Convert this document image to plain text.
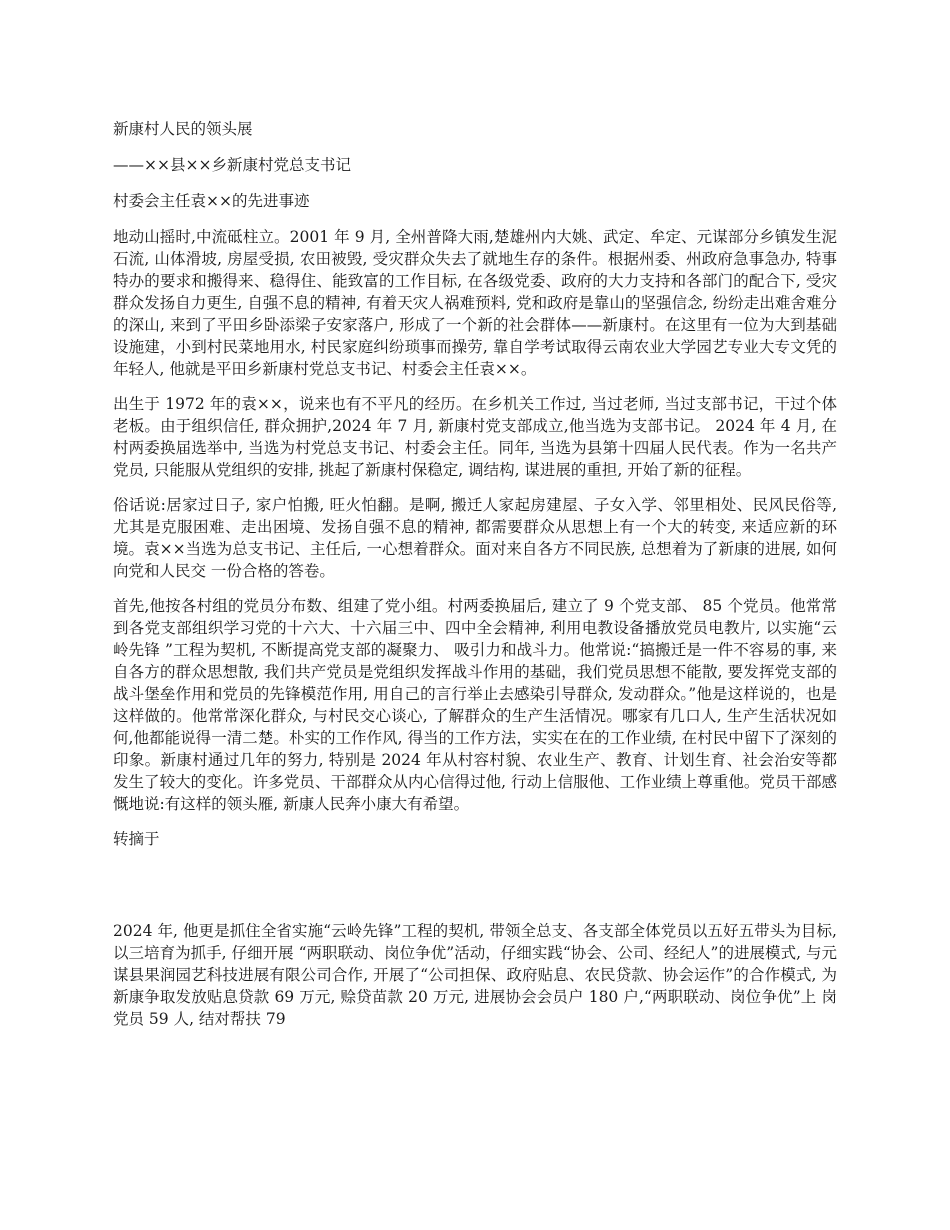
新康村人民的领头展

——××县××乡新康村党总支书记

村委会主任袁××的先进事迹

地动山摇时,中流砥柱立。2001 年 9 月, 全州普降大雨,楚雄州内大姚、武定、牟定、元谋部分乡镇发生泥石流, 山体滑坡, 房屋受损, 农田被毁, 受灾群众失去了就地生存的条件。根据州委、州政府急事急办, 特事特办的要求和搬得来、稳得住、能致富的工作目标, 在各级党委、政府的大力支持和各部门的配合下, 受灾群众发扬自力更生, 自强不息的精神, 有着天灾人祸难预料, 党和政府是靠山的坚强信念, 纷纷走出难舍难分的深山, 来到了平田乡卧添梁子安家落户, 形成了一个新的社会群体——新康村。在这里有一位为大到基础设施建，小到村民菜地用水, 村民家庭纠纷琐事而操劳, 靠自学考试取得云南农业大学园艺专业大专文凭的年轻人, 他就是平田乡新康村党总支书记、村委会主任袁××。

出生于 1972 年的袁××，说来也有不平凡的经历。在乡机关工作过, 当过老师, 当过支部书记，干过个体老板。由于组织信任, 群众拥护,2024 年 7 月, 新康村党支部成立,他当选为支部书记。 2024 年 4 月, 在村两委换届选举中, 当选为村党总支书记、村委会主任。同年, 当选为县第十四届人民代表。作为一名共产党员, 只能服从党组织的安排, 挑起了新康村保稳定, 调结构, 谋进展的重担, 开始了新的征程。

俗话说:居家过日子, 家户怕搬, 旺火怕翻。是啊, 搬迁人家起房建屋、子女入学、邻里相处、民风民俗等, 尤其是克服困难、走出困境、发扬自强不息的精神, 都需要群众从思想上有一个大的转变, 来适应新的环境。袁××当选为总支书记、主任后, 一心想着群众。面对来自各方不同民族, 总想着为了新康的进展, 如何向党和人民交 一份合格的答卷。

首先,他按各村组的党员分布数、组建了党小组。村两委换届后, 建立了 9 个党支部、 85 个党员。他常常到各党支部组织学习党的十六大、十六届三中、四中全会精神, 利用电教设备播放党员电教片, 以实施“云岭先锋 ”工程为契机, 不断提高党支部的凝聚力、 吸引力和战斗力。他常说:“搞搬迁是一件不容易的事, 来自各方的群众思想散, 我们共产党员是党组织发挥战斗作用的基础，我们党员思想不能散, 要发挥党支部的战斗堡垒作用和党员的先锋模范作用, 用自己的言行举止去感染引导群众, 发动群众。”他是这样说的，也是这样做的。他常常深化群众, 与村民交心谈心, 了解群众的生产生活情况。哪家有几口人, 生产生活状况如何,他都能说得一清二楚。朴实的工作作风, 得当的工作方法，实实在在的工作业绩, 在村民中留下了深刻的印象。新康村通过几年的努力, 特别是 2024 年从村容村貌、农业生产、教育、计划生育、社会治安等都发生了较大的变化。许多党员、干部群众从内心信得过他, 行动上信服他、工作业绩上尊重他。党员干部感慨地说:有这样的领头雁, 新康人民奔小康大有希望。

转摘于

2024 年, 他更是抓住全省实施“云岭先锋”工程的契机, 带领全总支、各支部全体党员以五好五带头为目标, 以三培育为抓手, 仔细开展 “两职联动、岗位争优”活动，仔细实践“协会、公司、经纪人”的进展模式, 与元谋县果润园艺科技进展有限公司合作, 开展了“公司担保、政府贴息、农民贷款、协会运作”的合作模式, 为新康争取发放贴息贷款 69 万元, 赊贷苗款 20 万元, 进展协会会员户 180 户,“两职联动、岗位争优”上 岗党员 59 人, 结对帮扶 79
